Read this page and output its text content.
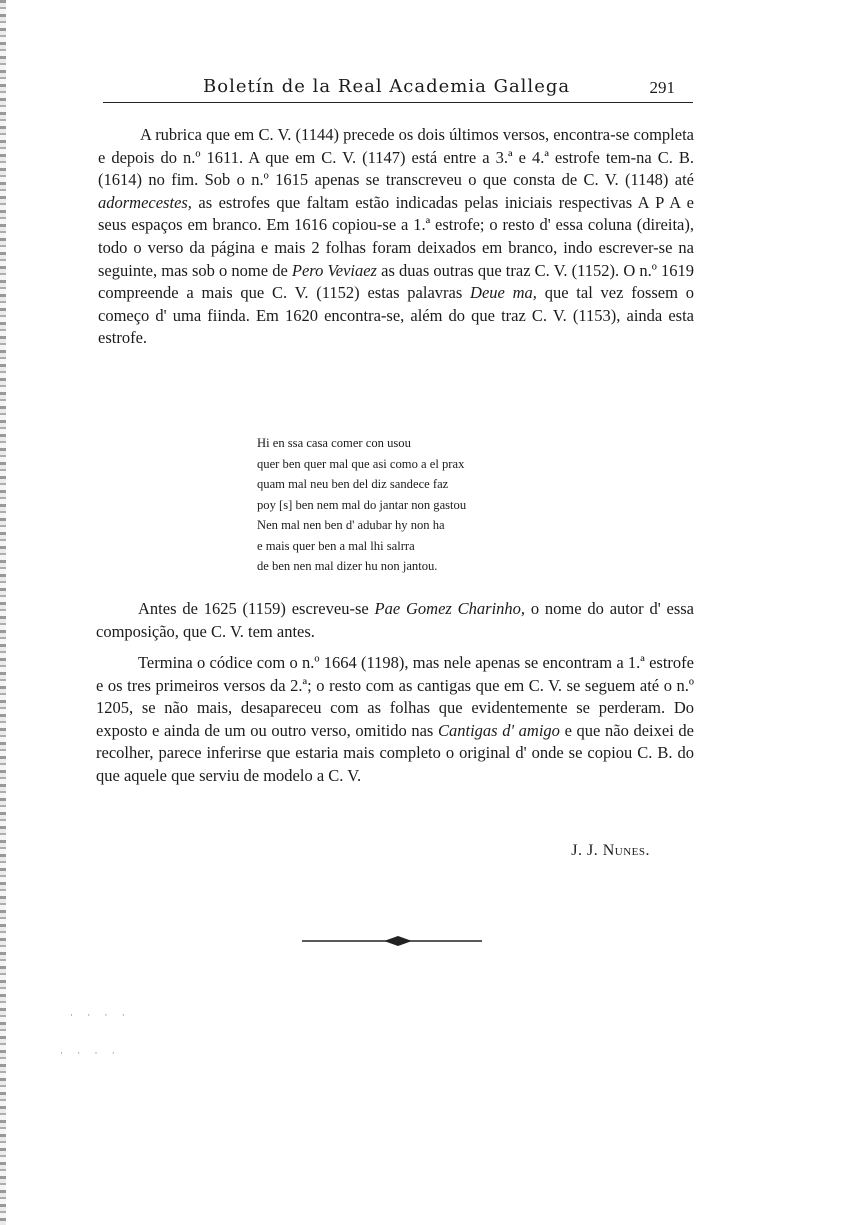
Boletín de la Real Academia Gallega	291

A rubrica que em C. V. (1144) precede os dois últimos versos, encontra-se completa e depois do n.º 1611. A que em C. V. (1147) está entre a 3.ª e 4.ª estrofe tem-na C. B. (1614) no fim. Sob o n.º 1615 apenas se transcreveu o que consta de C. V. (1148) até adormecestes, as estrofes que faltam estão indicadas pelas iniciais respectivas A P A e seus espaços em branco. Em 1616 copiou-se a 1.ª estrofe; o resto d' essa coluna (direita), todo o verso da página e mais 2 folhas foram deixados em branco, indo escrever-se na seguinte, mas sob o nome de Pero Veviaez as duas outras que traz C. V. (1152). O n.º 1619 compreende a mais que C. V. (1152) estas palavras Deue ma, que tal vez fossem o começo d' uma fiinda. Em 1620 encontra-se, além do que traz C. V. (1153), ainda esta estrofe.

Hi en ssa casa comer con usou
quer ben quer mal que asi como a el prax
quam mal neu ben del diz sandece faz
poy [s] ben nem mal do jantar non gastou
Nen mal nen ben d' adubar hy non ha
e mais quer ben a mal lhi salrra
de ben nen mal dizer hu non jantou.

Antes de 1625 (1159) escreveu-se Pae Gomez Charinho, o nome do autor d' essa composição, que C. V. tem antes.

Termina o códice com o n.º 1664 (1198), mas nele apenas se encontram a 1.ª estrofe e os tres primeiros versos da 2.ª; o resto com as cantigas que em C. V. se seguem até o n.º 1205, se não mais, desapareceu com as folhas que evidentemente se perderam. Do exposto e ainda de um ou outro verso, omitido nas Cantigas d' amigo e que não deixei de recolher, parece inferirse que estaria mais completo o original d' onde se copiou C. B. do que aquele que serviu de modelo a C. V.

J. J. Nunes.
· · · ·
· · · ·
